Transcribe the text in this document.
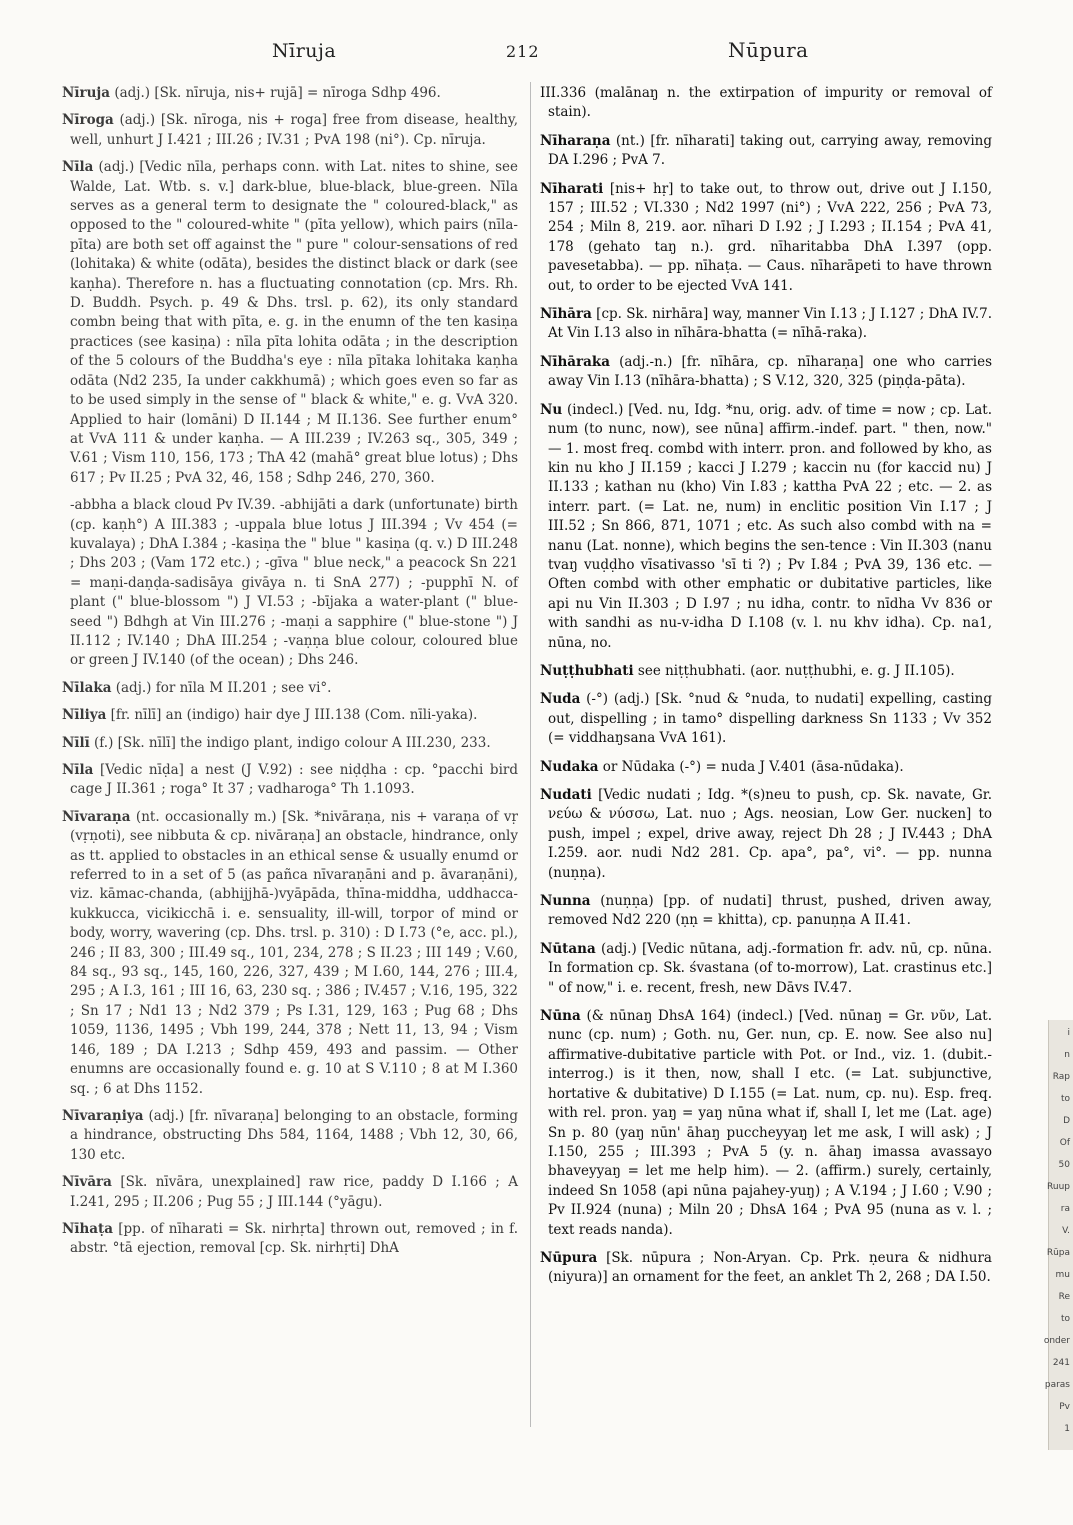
Nīruja	212	Nūpura

Nīruja (adj.) [Sk. nīruja, nis+ rujā] = nīroga Sdhp 496.

Nīroga (adj.) [Sk. nīroga, nis + roga] free from disease, healthy, well, unhurt J I.421 ; III.26 ; IV.31 ; PvA 198 (ni°). Cp. nīruja.

Nīla (adj.) [Vedic nīla, perhaps conn. with Lat. nites to shine, see Walde, Lat. Wtb. s. v.] dark-blue, blue-black, blue-green. Nīla serves as a general term to designate the " coloured-black," as opposed to the " coloured-white " (pīta yellow), which pairs (nīla-pīta) are both set off against the " pure " colour-sensations of red (lohitaka) & white (odāta), besides the distinct black or dark (see kaṇha). Therefore n. has a fluctuating connotation (cp. Mrs. Rh. D. Buddh. Psych. p. 49 & Dhs. trsl. p. 62), its only standard combn being that with pīta, e. g. in the enumn of the ten kasiṇa practices (see kasiṇa) : nīla pīta lohita odāta ; in the description of the 5 colours of the Buddha's eye : nīla pītaka lohitaka kaṇha odāta (Nd2 235, Ia under cakkhumā) ; which goes even so far as to be used simply in the sense of " black & white," e. g. VvA 320. Applied to hair (lomāni) D II.144 ; M II.136. See further enum° at VvA 111 & under kaṇha. — A III.239 ; IV.263 sq., 305, 349 ; V.61 ; Vism 110, 156, 173 ; ThA 42 (mahā° great blue lotus) ; Dhs 617 ; Pv II.25 ; PvA 32, 46, 158 ; Sdhp 246, 270, 360.

-abbha a black cloud Pv IV.39. -abhijāti a dark (unfortunate) birth (cp. kaṇh°) A III.383 ; -uppala blue lotus J III.394 ; Vv 454 (= kuvalaya) ; DhA I.384 ; -kasiṇa the " blue " kasiṇa (q. v.) D III.248 ; Dhs 203 ; (Vam 172 etc.) ; -gīva " blue neck," a peacock Sn 221 = maṇi-daṇḍa-sadisāya givāya n. ti SnA 277) ; -pupphī N. of plant (" blue-blossom ") J VI.53 ; -bījaka a water-plant (" blue-seed ") Bdhgh at Vin III.276 ; -maṇi a sapphire (" blue-stone ") J II.112 ; IV.140 ; DhA III.254 ; -vaṇṇa blue colour, coloured blue or green J IV.140 (of the ocean) ; Dhs 246.

Nīlaka (adj.) for nīla M II.201 ; see vi°.

Nīliya [fr. nīlī] an (indigo) hair dye J III.138 (Com. nīli-yaka).

Nīlī (f.) [Sk. nīlī] the indigo plant, indigo colour A III.230, 233.

Nīla [Vedic nīḍa] a nest (J V.92) : see niḍḍha : cp. °pacchi bird cage J II.361 ; roga° It 37 ; vadharoga° Th 1.1093.

Nīvaraṇa (nt. occasionally m.) [Sk. *nivāraṇa, nis + varaṇa of vṛ (vṛṇoti), see nibbuta & cp. nivāraṇa] an obstacle, hindrance, only as tt. applied to obstacles in an ethical sense & usually enumd or referred to in a set of 5 (as pañca nīvaraṇāni and p. āvaraṇāni), viz. kāmac-chanda, (abhijjhā-)vyāpāda, thīna-middha, uddhacca-kukkucca, vicikicchā i. e. sensuality, ill-will, torpor of mind or body, worry, wavering (cp. Dhs. trsl. p. 310) : D I.73 (°e, acc. pl.), 246 ; II 83, 300 ; III.49 sq., 101, 234, 278 ; S II.23 ; III 149 ; V.60, 84 sq., 93 sq., 145, 160, 226, 327, 439 ; M I.60, 144, 276 ; III.4, 295 ; A I.3, 161 ; III 16, 63, 230 sq. ; 386 ; IV.457 ; V.16, 195, 322 ; Sn 17 ; Nd1 13 ; Nd2 379 ; Ps I.31, 129, 163 ; Pug 68 ; Dhs 1059, 1136, 1495 ; Vbh 199, 244, 378 ; Nett 11, 13, 94 ; Vism 146, 189 ; DA I.213 ; Sdhp 459, 493 and passim. — Other enumns are occasionally found e. g. 10 at S V.110 ; 8 at M I.360 sq. ; 6 at Dhs 1152.

Nīvaraṇiya (adj.) [fr. nīvaraṇa] belonging to an obstacle, forming a hindrance, obstructing Dhs 584, 1164, 1488 ; Vbh 12, 30, 66, 130 etc.

Nīvāra [Sk. nīvāra, unexplained] raw rice, paddy D I.166 ; A I.241, 295 ; II.206 ; Pug 55 ; J III.144 (°yāgu).

Nīhaṭa [pp. of nīharati = Sk. nirhṛta] thrown out, removed ; in f. abstr. °tā ejection, removal [cp. Sk. nirhṛti] DhA

III.336 (malānaŋ n. the extirpation of impurity or removal of stain).

Nīharaṇa (nt.) [fr. nīharati] taking out, carrying away, removing DA I.296 ; PvA 7.

Nīharati [nis+ hṛ] to take out, to throw out, drive out J I.150, 157 ; III.52 ; VI.330 ; Nd2 1997 (ni°) ; VvA 222, 256 ; PvA 73, 254 ; Miln 8, 219. aor. nīhari D I.92 ; J I.293 ; II.154 ; PvA 41, 178 (gehato taŋ n.). grd. nīharitabba DhA I.397 (opp. pavesetabba). — pp. nīhaṭa. — Caus. nīharāpeti to have thrown out, to order to be ejected VvA 141.

Nīhāra [cp. Sk. nirhāra] way, manner Vin I.13 ; J I.127 ; DhA IV.7. At Vin I.13 also in nīhāra-bhatta (= nīhā-raka).

Nīhāraka (adj.-n.) [fr. nīhāra, cp. nīharaṇa] one who carries away Vin I.13 (nīhāra-bhatta) ; S V.12, 320, 325 (piṇḍa-pāta).

Nu (indecl.) [Ved. nu, Idg. *nu, orig. adv. of time = now ; cp. Lat. num (to nunc, now), see nūna] affirm.-indef. part. " then, now." — 1. most freq. combd with interr. pron. and followed by kho, as kin nu kho J II.159 ; kacci J I.279 ; kaccin nu (for kaccid nu) J II.133 ; kathan nu (kho) Vin I.83 ; kattha PvA 22 ; etc. — 2. as interr. part. (= Lat. ne, num) in enclitic position Vin I.17 ; J III.52 ; Sn 866, 871, 1071 ; etc. As such also combd with na = nanu (Lat. nonne), which begins the sen-tence : Vin II.303 (nanu tvaŋ vuḍḍho vīsativasso 'sī ti ?) ; Pv I.84 ; PvA 39, 136 etc. — Often combd with other emphatic or dubitative particles, like api nu Vin II.303 ; D I.97 ; nu idha, contr. to nīdha Vv 836 or with sandhi as nu-v-idha D I.108 (v. l. nu khv idha). Cp. na1, nūna, no.

Nuṭṭhubhati see niṭṭhubhati. (aor. nuṭṭhubhi, e. g. J II.105).

Nuda (-°) (adj.) [Sk. °nud & °nuda, to nudati] expelling, casting out, dispelling ; in tamo° dispelling darkness Sn 1133 ; Vv 352 (= viddhaŋsana VvA 161).

Nudaka or Nūdaka (-°) = nuda J V.401 (āsa-nūdaka).

Nudati [Vedic nudati ; Idg. *(s)neu to push, cp. Sk. navate, Gr. νεύω & νύσσω, Lat. nuo ; Ags. neosian, Low Ger. nucken] to push, impel ; expel, drive away, reject Dh 28 ; J IV.443 ; DhA I.259. aor. nudi Nd2 281. Cp. apa°, pa°, vi°. — pp. nunna (nuṇṇa).

Nunna (nuṇṇa) [pp. of nudati] thrust, pushed, driven away, removed Nd2 220 (ṇṇ = khitta), cp. panuṇṇa A II.41.

Nūtana (adj.) [Vedic nūtana, adj.-formation fr. adv. nū, cp. nūna. In formation cp. Sk. śvastana (of to-morrow), Lat. crastinus etc.] " of now," i. e. recent, fresh, new Dāvs IV.47.

Nūna (& nūnaŋ DhsA 164) (indecl.) [Ved. nūnaŋ = Gr. νῦν, Lat. nunc (cp. num) ; Goth. nu, Ger. nun, cp. E. now. See also nu] affirmative-dubitative particle with Pot. or Ind., viz. 1. (dubit.-interrog.) is it then, now, shall I etc. (= Lat. subjunctive, hortative & dubitative) D I.155 (= Lat. num, cp. nu). Esp. freq. with rel. pron. yaŋ = yaŋ nūna what if, shall I, let me (Lat. age) Sn p. 80 (yaŋ nūn' āhaŋ puccheyyaŋ let me ask, I will ask) ; J I.150, 255 ; III.393 ; PvA 5 (y. n. āhaŋ imassa avassayo bhaveyyaŋ = let me help him). — 2. (affirm.) surely, certainly, indeed Sn 1058 (api nūna pajahey-yuŋ) ; A V.194 ; J I.60 ; V.90 ; Pv II.924 (nuna) ; Miln 20 ; DhsA 164 ; PvA 95 (nuna as v. l. ; text reads nanda).

Nūpura [Sk. nūpura ; Non-Aryan. Cp. Prk. ṇeura & nidhura (niyura)] an ornament for the feet, an anklet Th 2, 268 ; DA I.50.

i
n
Rap
to
D
Of
50
Ruup
ra
V.
Rūpa
mu
Re
to
onder
241
paras
Pv
1
